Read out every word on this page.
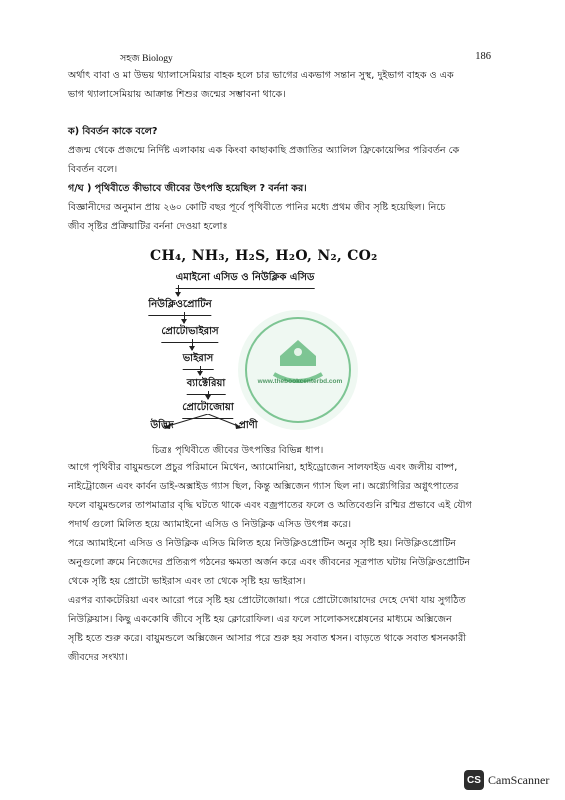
সহজ Biology	186
অর্থাৎ বাবা ও মা উভয় থ্যালাসেমিয়ার বাহক হলে চার ভাগের একভাগ সন্তান সুস্থ, দুইভাগ বাহক ও এক
ভাগ থ্যালাসেমিয়ায় আক্রান্ত শিশুর জন্মের সম্ভাবনা থাকে।
ক) বিবর্তন কাকে বলে?
প্রজন্ম থেকে প্রজন্মে নির্দিষ্ট এলাকায় এক কিংবা কাছাকাছি প্রজাতির অ্যালিল ফ্রিকোয়েন্সির পরিবর্তন কে
বিবর্তন বলে।
গ/ঘ ) পৃথিবীতে কীভাবে জীবের উৎপত্তি হয়েছিল ? বর্ননা কর।
বিজ্ঞানীদের অনুমান প্রায় ২৬০ কোটি বছর পূর্বে পৃথিবীতে পানির মধ্যে প্রথম জীব সৃষ্টি হয়েছিল। নিচে
জীব সৃষ্টির প্রক্রিয়াটির বর্ননা দেওয়া হলোঃ
CH₄, NH₃, H₂S, H₂O, N₂, CO₂
এমাইনো এসিড ও নিউক্লিক এসিড
নিউক্লিওপ্রোটিন
প্রোটোভাইরাস
ভাইরাস
ব্যাক্টেরিয়া
প্রোটোজোয়া
উদ্ভিদ	প্রাণী
www.thebookcenterbd.com
চিত্রঃ পৃথিবীতে জীবের উৎপত্তির বিভিন্ন ধাপ।
আগে পৃথিবীর বায়ুমন্ডলে প্রচুর পরিমানে মিথেন, অ্যামোনিয়া, হাইড্রোজেন সালফাইড এবং জলীয় বাষ্প,
নাইট্রোজেন এবং কার্বন ডাই-অক্সাইড গ্যাস ছিল, কিন্তু অক্সিজেন গ্যাস ছিল না। অগ্ন্যেগিরির অগ্নুৎপাতের
ফলে বায়ুমন্ডলের তাপমাত্রার বৃদ্ধি ঘটতে থাকে এবং বজ্রপাতের ফলে ও অতিবেগুনি রশ্মির প্রভাবে এই যৌগ
পদার্থ গুলো মিলিত হয়ে অ্যামাইনো এসিড ও নিউক্লিক এসিড উৎপন্ন করে।
পরে অ্যামাইনো এসিড ও নিউক্লিক এসিড মিলিত হয়ে নিউক্লিওপ্রোটিন অনুর সৃষ্টি হয়। নিউক্লিওপ্রোটিন
অনুগুলো ক্রমে নিজেদের প্রতিরূপ গঠনের ক্ষমতা অর্জন করে এবং জীবনের সূত্রপাত ঘটায় নিউক্লিওপ্রোটিন
থেকে সৃষ্টি হয় প্রোটো ভাইরাস এবং তা থেকে সৃষ্টি হয় ভাইরাস।
এরপর ব্যাকটেরিয়া এবং আরো পরে সৃষ্টি হয় প্রোটোজোয়া। পরে প্রোটোজোয়াদের দেহে দেখা যায় সুগঠিত
নিউক্লিয়াস। কিছু এককোষি জীবে সৃষ্টি হয় ক্লোরোফিল। এর ফলে সালোকসংশ্লেষনের মাধ্যমে অক্সিজেন
সৃষ্টি হতে শুরু করে। বায়ুমন্ডলে অক্সিজেন আসার পরে শুরু হয় সবাত শ্বসন। বাড়তে থাকে সবাত শ্বসনকারী
জীবদের সংখ্যা।
CS CamScanner
